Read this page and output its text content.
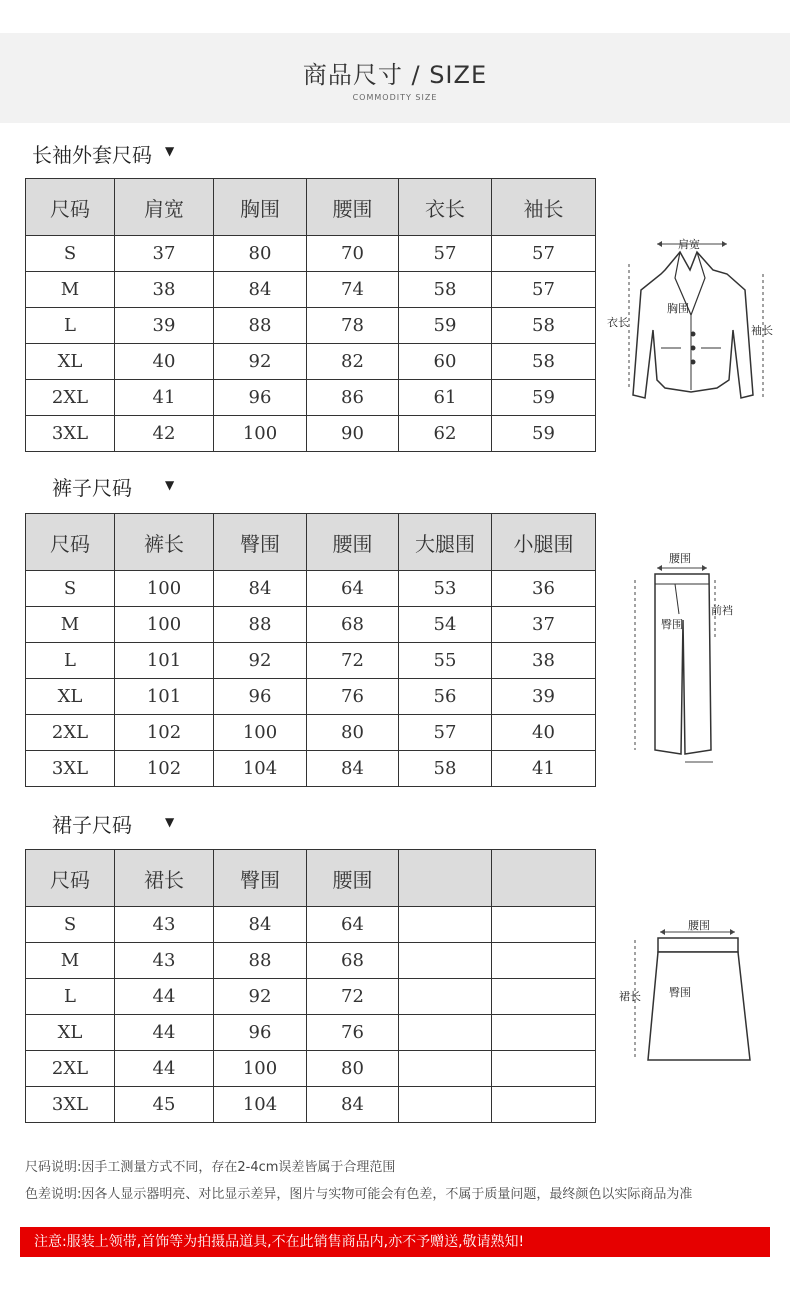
商品尺寸 / SIZE
COMMODITY SIZE
长袖外套尺码 ▼
尺码	肩宽	胸围	腰围	衣长	袖长
S	37	80	70	57	57
M	38	84	74	58	57
L	39	88	78	59	58
XL	40	92	82	60	58
2XL	41	96	86	61	59
3XL	42	100	90	62	59
肩宽
胸围
衣长
袖长
裤子尺码	▼
尺码	裤长	臀围	腰围	大腿围	小腿围
S	100	84	64	53	36
M	100	88	68	54	37
L	101	92	72	55	38
XL	101	96	76	56	39
2XL	102	100	80	57	40
3XL	102	104	84	58	41
腰围
臀围
前裆
裙子尺码	▼
尺码	裙长	臀围	腰围		
S	43	84	64		
M	43	88	68		
L	44	92	72		
XL	44	96	76		
2XL	44	100	80		
3XL	45	104	84		
腰围
臀围
裙长
尺码说明:因手工测量方式不同，存在2-4cm误差皆属于合理范围
色差说明:因各人显示器明亮、对比显示差异，图片与实物可能会有色差，不属于质量问题，最终颜色以实际商品为准
注意:服装上领带,首饰等为拍摄品道具,不在此销售商品内,亦不予赠送,敬请熟知!
